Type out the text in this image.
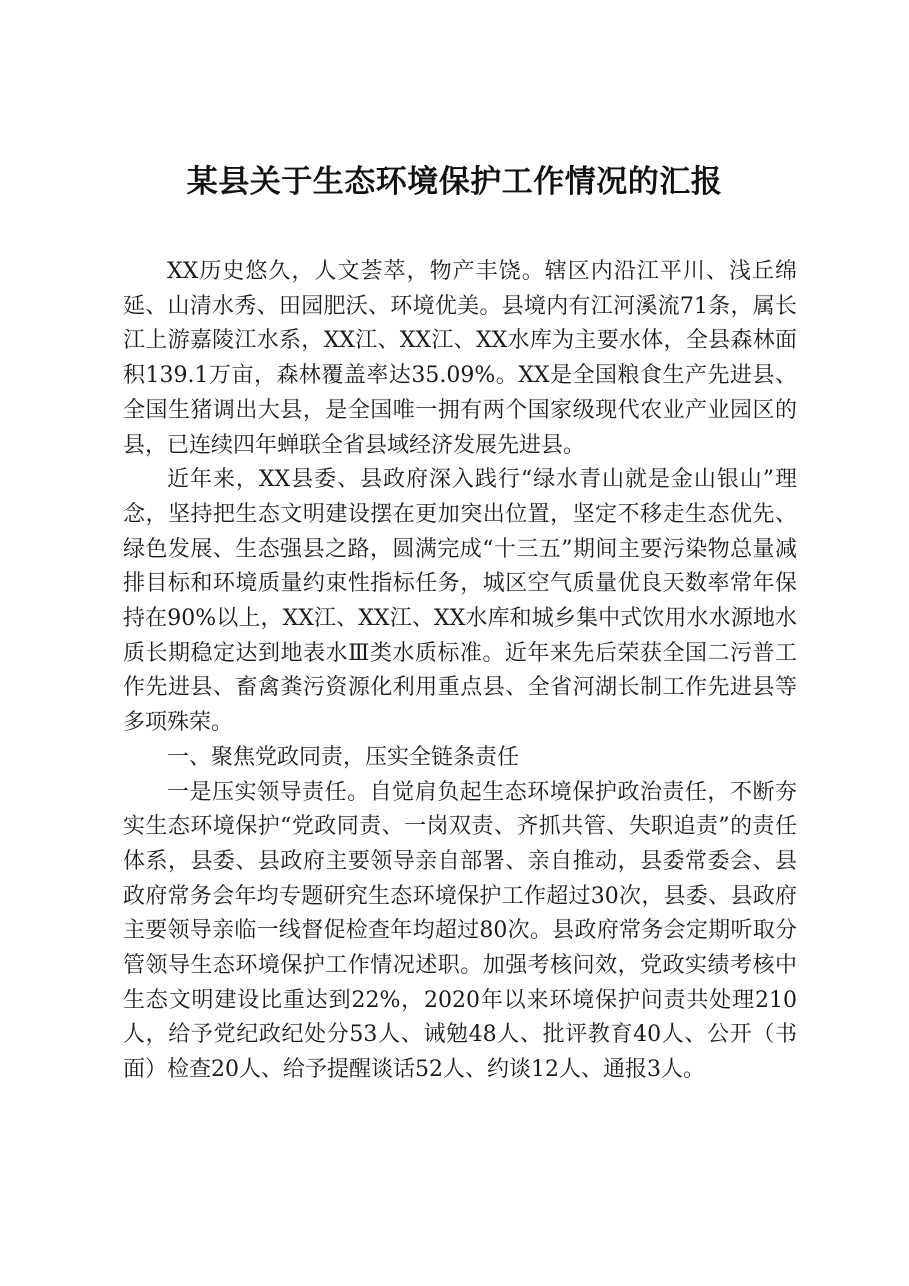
某县关于生态环境保护工作情况的汇报

XX历史悠久，人文荟萃，物产丰饶。辖区内沿江平川、浅丘绵延、山清水秀、田园肥沃、环境优美。县境内有江河溪流71条，属长江上游嘉陵江水系，XX江、XX江、XX水库为主要水体，全县森林面积139.1万亩，森林覆盖率达35.09%。XX是全国粮食生产先进县、全国生猪调出大县，是全国唯一拥有两个国家级现代农业产业园区的县，已连续四年蝉联全省县域经济发展先进县。

近年来，XX县委、县政府深入践行“绿水青山就是金山银山”理念，坚持把生态文明建设摆在更加突出位置，坚定不移走生态优先、绿色发展、生态强县之路，圆满完成“十三五”期间主要污染物总量减排目标和环境质量约束性指标任务，城区空气质量优良天数率常年保持在90%以上，XX江、XX江、XX水库和城乡集中式饮用水水源地水质长期稳定达到地表水Ⅲ类水质标准。近年来先后荣获全国二污普工作先进县、畜禽粪污资源化利用重点县、全省河湖长制工作先进县等多项殊荣。

一、聚焦党政同责，压实全链条责任

一是压实领导责任。自觉肩负起生态环境保护政治责任，不断夯实生态环境保护“党政同责、一岗双责、齐抓共管、失职追责”的责任体系，县委、县政府主要领导亲自部署、亲自推动，县委常委会、县政府常务会年均专题研究生态环境保护工作超过30次，县委、县政府主要领导亲临一线督促检查年均超过80次。县政府常务会定期听取分管领导生态环境保护工作情况述职。加强考核问效，党政实绩考核中生态文明建设比重达到22%，2020年以来环境保护问责共处理210人，给予党纪政纪处分53人、诫勉48人、批评教育40人、公开（书面）检查20人、给予提醒谈话52人、约谈12人、通报3人。
